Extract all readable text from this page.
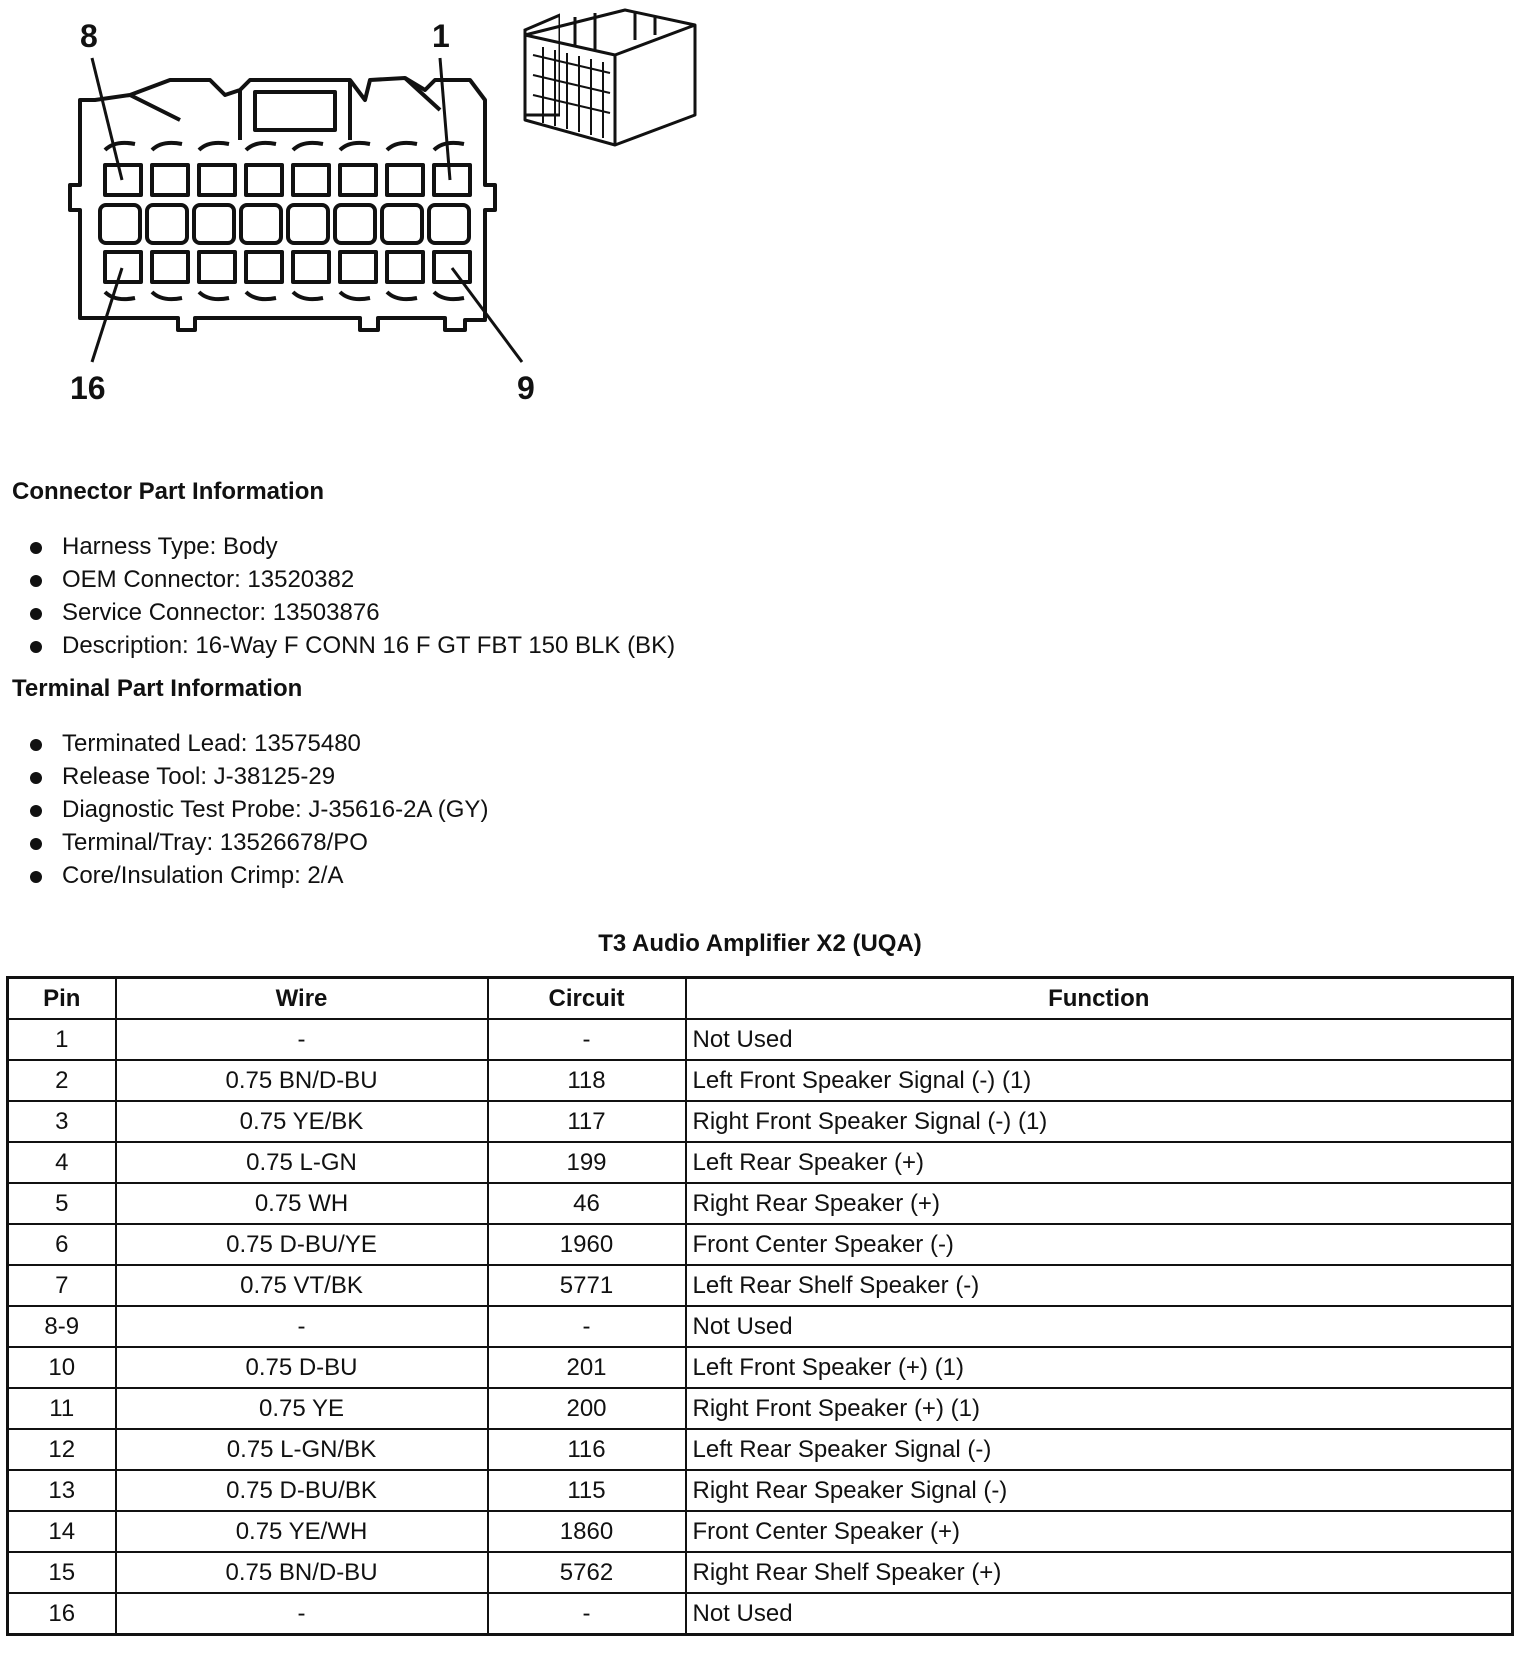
8	1
16	9
Connector Part Information
Harness Type: Body
OEM Connector: 13520382
Service Connector: 13503876
Description: 16-Way F CONN 16 F GT FBT 150 BLK (BK)
Terminal Part Information
Terminated Lead: 13575480
Release Tool: J-38125-29
Diagnostic Test Probe: J-35616-2A (GY)
Terminal/Tray: 13526678/PO
Core/Insulation Crimp: 2/A
T3 Audio Amplifier X2 (UQA)
Pin	Wire	Circuit	Function
1	-	-	Not Used
2	0.75 BN/D-BU	118	Left Front Speaker Signal (-) (1)
3	0.75 YE/BK	117	Right Front Speaker Signal (-) (1)
4	0.75 L-GN	199	Left Rear Speaker (+)
5	0.75 WH	46	Right Rear Speaker (+)
6	0.75 D-BU/YE	1960	Front Center Speaker (-)
7	0.75 VT/BK	5771	Left Rear Shelf Speaker (-)
8-9	-	-	Not Used
10	0.75 D-BU	201	Left Front Speaker (+) (1)
11	0.75 YE	200	Right Front Speaker (+) (1)
12	0.75 L-GN/BK	116	Left Rear Speaker Signal (-)
13	0.75 D-BU/BK	115	Right Rear Speaker Signal (-)
14	0.75 YE/WH	1860	Front Center Speaker (+)
15	0.75 BN/D-BU	5762	Right Rear Shelf Speaker (+)
16	-	-	Not Used
